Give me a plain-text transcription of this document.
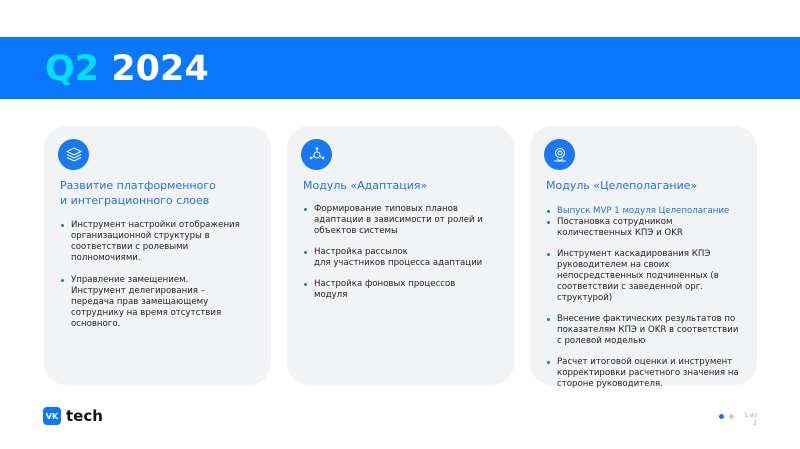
Q2 2024
Развитие платформенного
и интеграционного слоев
Инструмент настройки отображения
организационной структуры в
соответствии с ролевыми
полномочиями.
Управление замещением.
Инструмент делегирования –
передача прав замещающему
сотруднику на время отсутствия
основного.
Модуль «Адаптация»
Формирование типовых планов
адаптации в зависимости от ролей и
объектов системы
Настройка рассылок
для участников процесса адаптации
Настройка фоновых процессов
модуля
Модуль «Целеполагание»
Выпуск MVP 1 модуля Целеполагание
Постановка сотрудником
количественных КПЭ и OKR
Инструмент каскадирования КПЭ
руководителем на своих
непосредственных подчиненных (в
соответствии с заведенной орг.
структурой)
Внесение фактических результатов по
показателям КПЭ и OKR в соответствии
с ролевой моделью
Расчет итоговой оценки и инструмент
корректировки расчетного значения на
стороне руководителя.
VK tech	1 из
2
